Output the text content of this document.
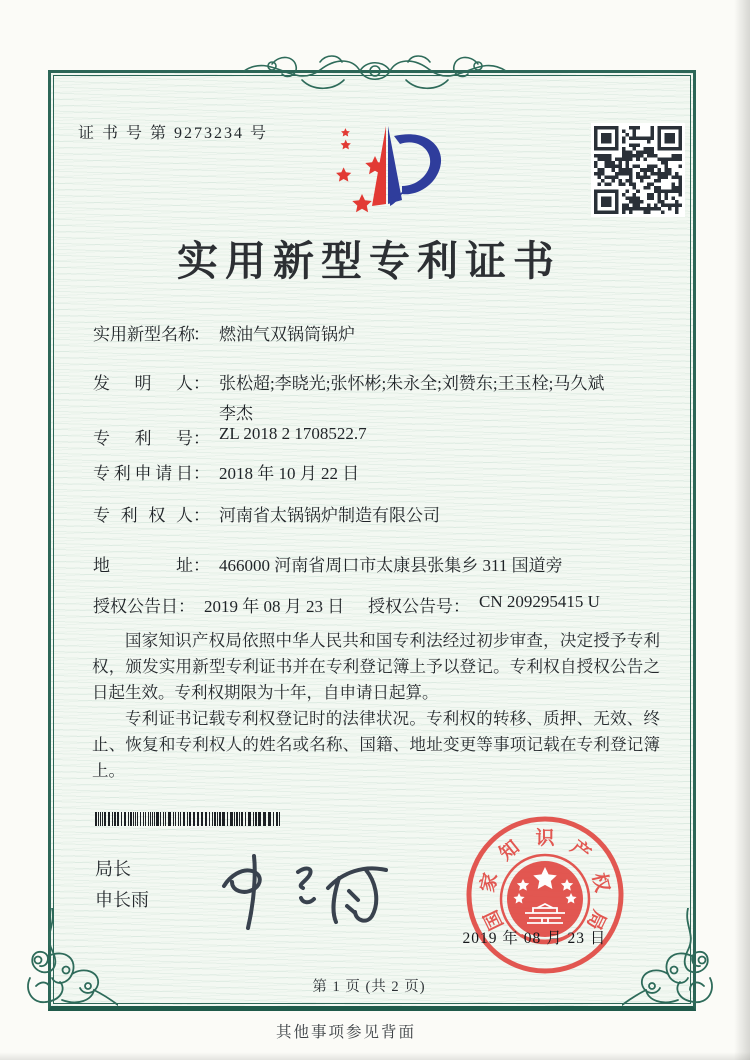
证 书 号 第 9273234 号
实用新型专利证书
实用新型名称： 燃油气双锅筒锅炉
发明人： 张松超;李晓光;张怀彬;朱永全;刘赞东;王玉栓;马久斌
李杰
专利号： ZL 2018 2 1708522.7
专利申请日： 2018 年 10 月 22 日
专利权人： 河南省太锅锅炉制造有限公司
地址： 466000 河南省周口市太康县张集乡 311 国道旁
授权公告日： 2019 年 08 月 23 日 授权公告号： CN 209295415 U

国家知识产权局依照中华人民共和国专利法经过初步审查，决定授予专利权，颁发实用新型专利证书并在专利登记簿上予以登记。专利权自授权公告之日起生效。专利权期限为十年，自申请日起算。

专利证书记载专利权登记时的法律状况。专利权的转移、质押、无效、终止、恢复和专利权人的姓名或名称、国籍、地址变更等事项记载在专利登记簿上。

局长
申长雨
国
家
知 识 产
权
局
2019 年 08 月 23 日
第 1 页 (共 2 页)
其他事项参见背面
